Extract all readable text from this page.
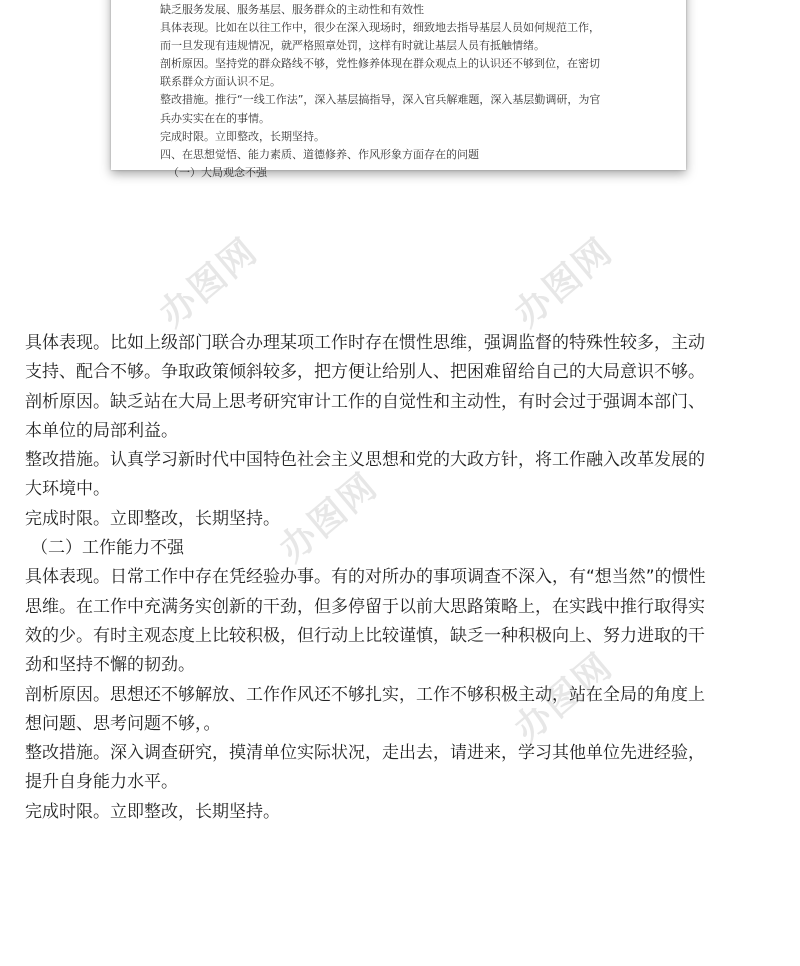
缺乏服务发展、服务基层、服务群众的主动性和有效性
具体表现。比如在以往工作中，很少在深入现场时，细致地去指导基层人员如何规范工作，
而一旦发现有违规情况，就严格照章处罚，这样有时就让基层人员有抵触情绪。
剖析原因。坚持党的群众路线不够，党性修养体现在群众观点上的认识还不够到位，在密切
联系群众方面认识不足。
整改措施。推行“一线工作法”，深入基层搞指导，深入官兵解难题，深入基层勤调研，为官
兵办实实在在的事情。
完成时限。立即整改，长期坚持。
四、在思想觉悟、能力素质、道德修养、作风形象方面存在的问题
（一）大局观念不强
办图网	办图网
办图网
办图网
具体表现。比如上级部门联合办理某项工作时存在惯性思维，强调监督的特殊性较多，主动
支持、配合不够。争取政策倾斜较多，把方便让给别人、把困难留给自己的大局意识不够。
剖析原因。缺乏站在大局上思考研究审计工作的自觉性和主动性，有时会过于强调本部门、
本单位的局部利益。
整改措施。认真学习新时代中国特色社会主义思想和党的大政方针，将工作融入改革发展的
大环境中。
完成时限。立即整改，长期坚持。
（二）工作能力不强
具体表现。日常工作中存在凭经验办事。有的对所办的事项调查不深入，有“想当然”的惯性
思维。在工作中充满务实创新的干劲，但多停留于以前大思路策略上，在实践中推行取得实
效的少。有时主观态度上比较积极，但行动上比较谨慎，缺乏一种积极向上、努力进取的干
劲和坚持不懈的韧劲。
剖析原因。思想还不够解放、工作作风还不够扎实，工作不够积极主动，站在全局的角度上
想问题、思考问题不够，。
整改措施。深入调查研究，摸清单位实际状况，走出去，请进来，学习其他单位先进经验，
提升自身能力水平。
完成时限。立即整改，长期坚持。
